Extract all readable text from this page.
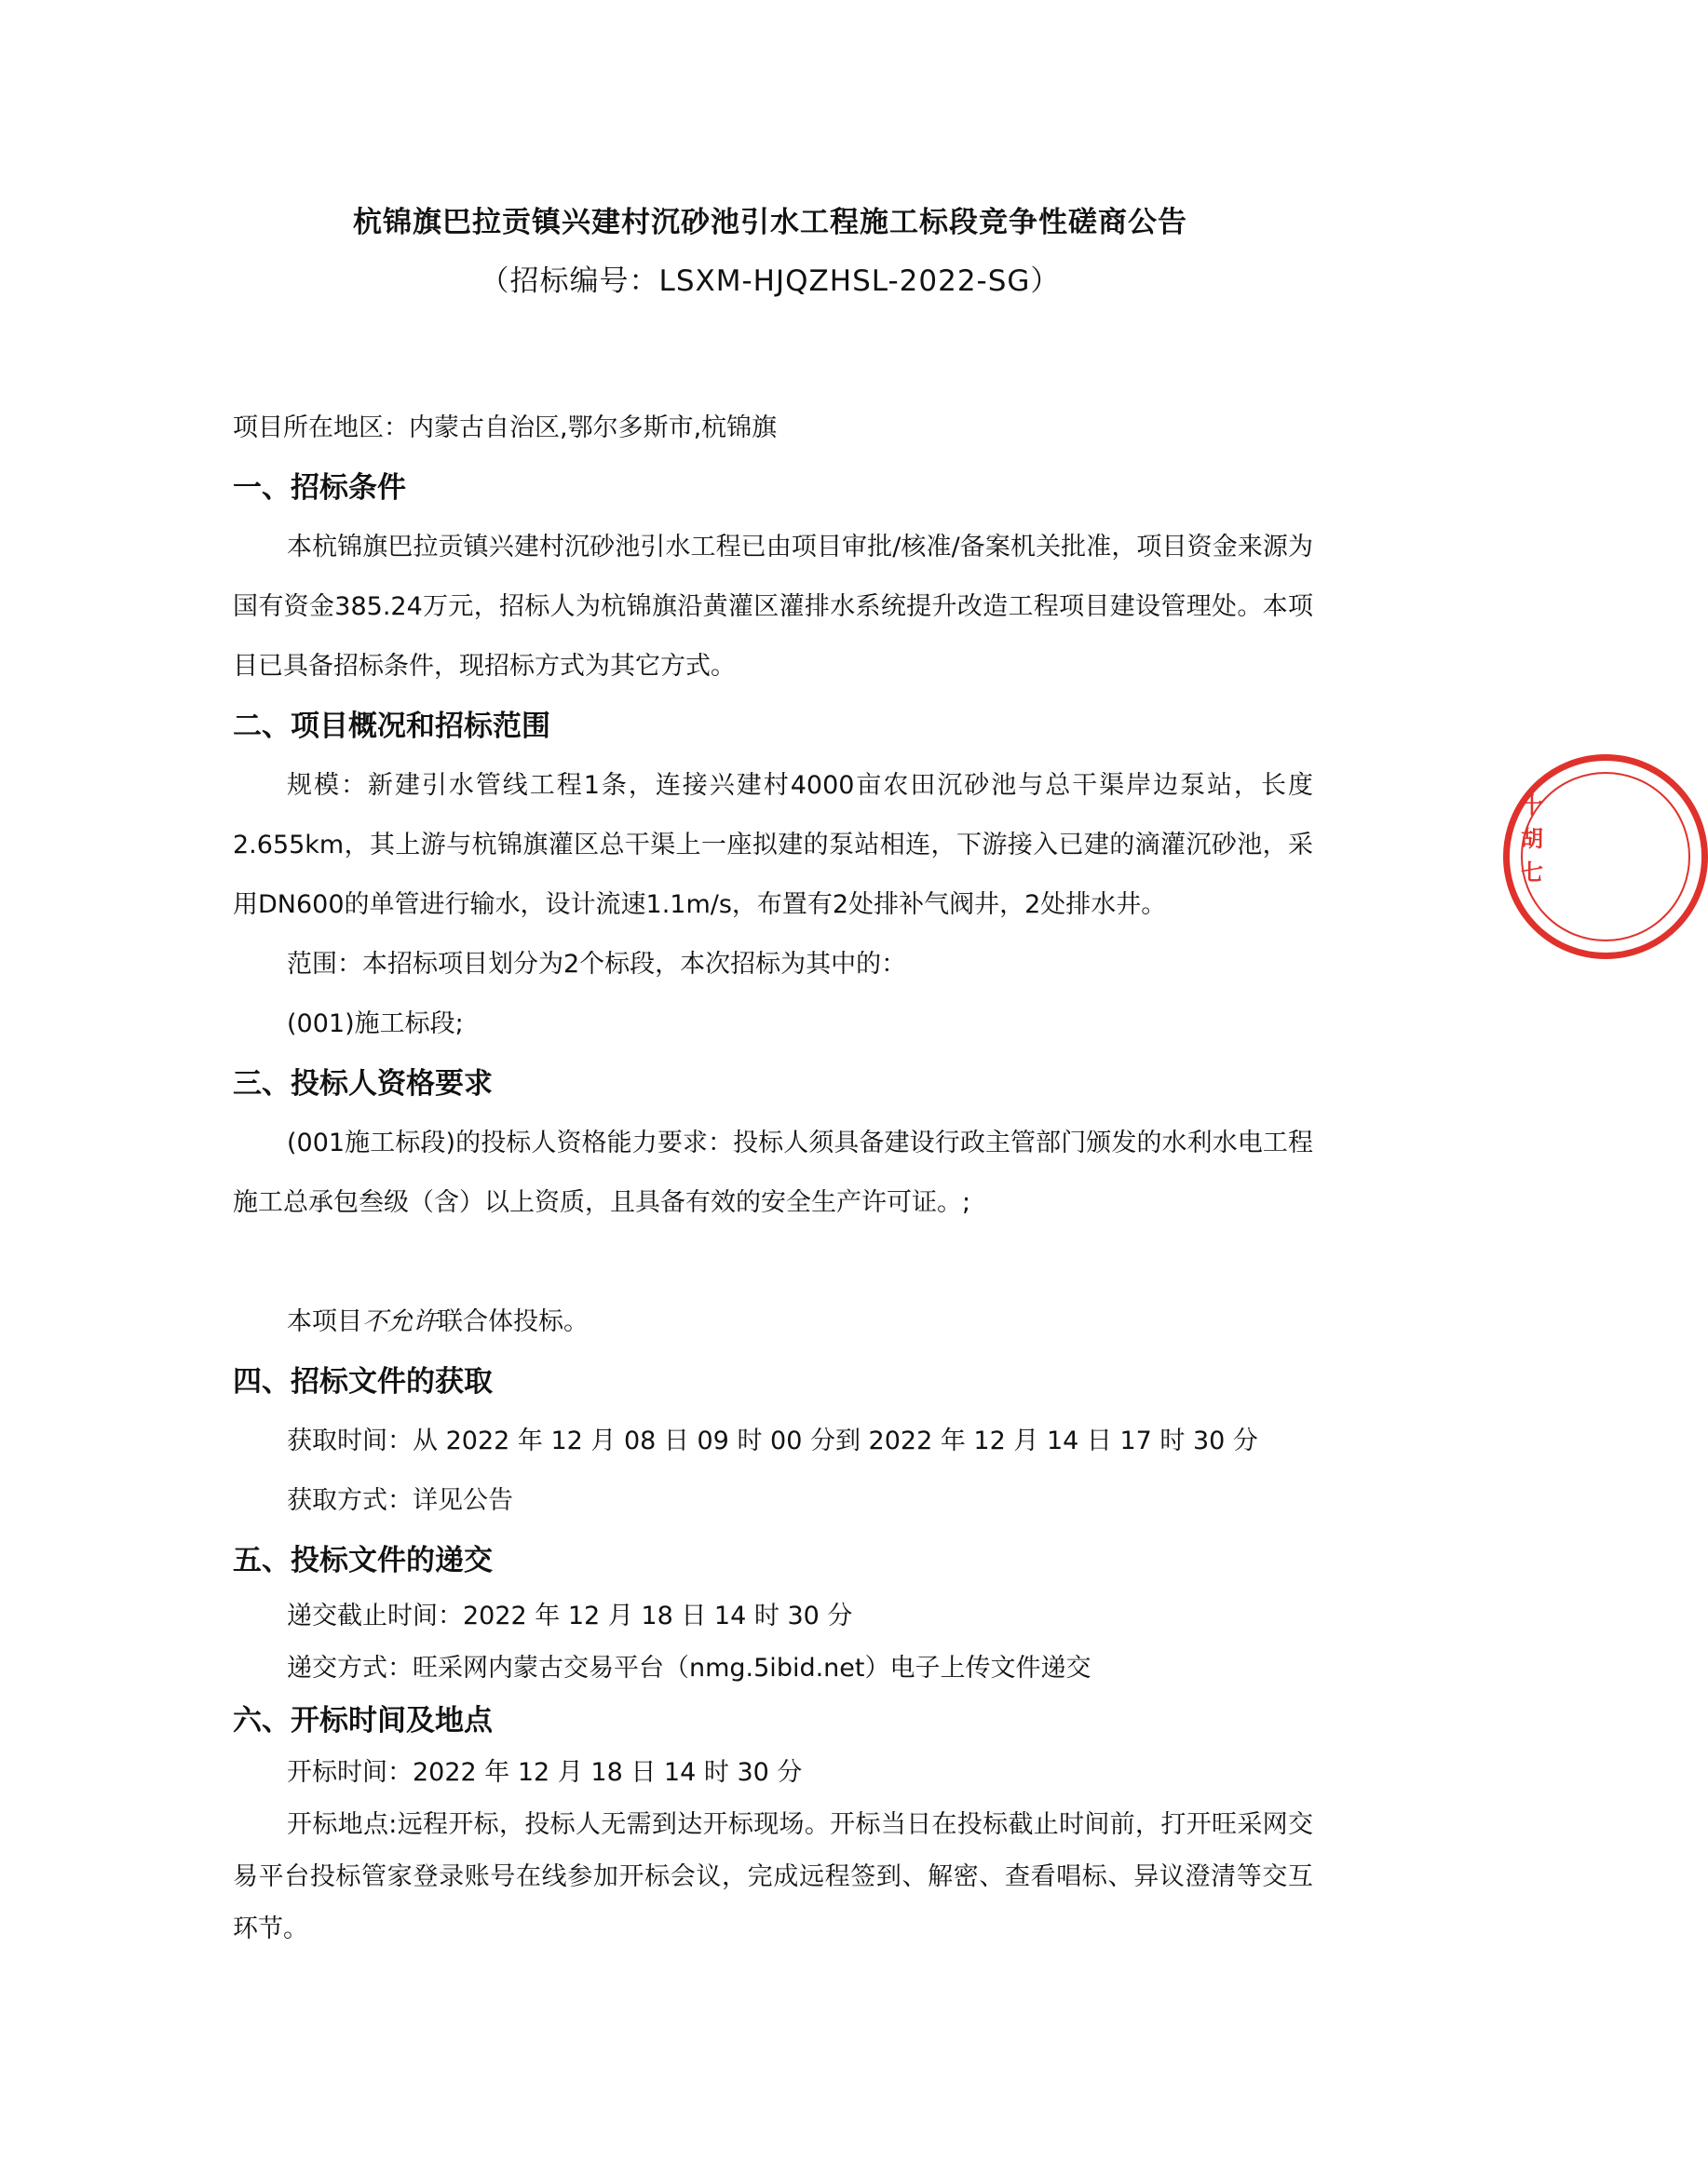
杭锦旗巴拉贡镇兴建村沉砂池引水工程施工标段竞争性磋商公告
（招标编号：LSXM-HJQZHSL-2022-SG）

项目所在地区：内蒙古自治区,鄂尔多斯市,杭锦旗

一、招标条件

本杭锦旗巴拉贡镇兴建村沉砂池引水工程已由项目审批/核准/备案机关批准，项目资金来源为国有资金385.24万元，招标人为杭锦旗沿黄灌区灌排水系统提升改造工程项目建设管理处。本项目已具备招标条件，现招标方式为其它方式。

二、项目概况和招标范围

规模：新建引水管线工程1条，连接兴建村4000亩农田沉砂池与总干渠岸边泵站，长度2.655km，其上游与杭锦旗灌区总干渠上一座拟建的泵站相连，下游接入已建的滴灌沉砂池，采用DN600的单管进行输水，设计流速1.1m/s，布置有2处排补气阀井，2处排水井。

范围：本招标项目划分为2个标段，本次招标为其中的：

(001)施工标段;

三、投标人资格要求

(001施工标段)的投标人资格能力要求：投标人须具备建设行政主管部门颁发的水利水电工程施工总承包叁级（含）以上资质，且具备有效的安全生产许可证。;

本项目不允许联合体投标。

四、招标文件的获取

获取时间：从 2022 年 12 月 08 日 09 时 00 分到 2022 年 12 月 14 日 17 时 30 分

获取方式：详见公告

五、投标文件的递交

递交截止时间：2022 年 12 月 18 日 14 时 30 分

递交方式：旺采网内蒙古交易平台（nmg.5ibid.net）电子上传文件递交

六、开标时间及地点

开标时间：2022 年 12 月 18 日 14 时 30 分

开标地点:远程开标，投标人无需到达开标现场。开标当日在投标截止时间前，打开旺采网交易平台投标管家登录账号在线参加开标会议，完成远程签到、解密、查看唱标、异议澄清等交互环节。

十胡七
